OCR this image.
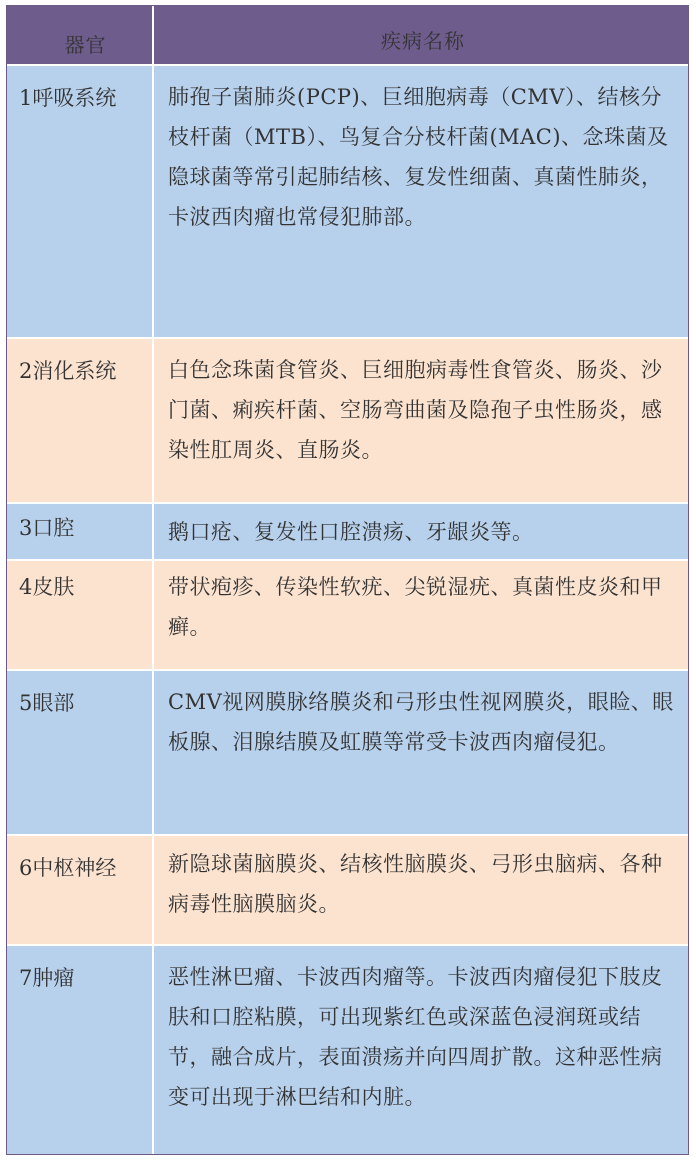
器官	疾病名称
1呼吸系统	肺孢子菌肺炎(PCP)、巨细胞病毒（CMV）、结核分枝杆菌（MTB）、鸟复合分枝杆菌(MAC)、念珠菌及隐球菌等常引起肺结核、复发性细菌、真菌性肺炎，卡波西肉瘤也常侵犯肺部。
2消化系统	白色念珠菌食管炎、巨细胞病毒性食管炎、肠炎、沙门菌、痢疾杆菌、空肠弯曲菌及隐孢子虫性肠炎，感染性肛周炎、直肠炎。
3口腔	鹅口疮、复发性口腔溃疡、牙龈炎等。
4皮肤	带状疱疹、传染性软疣、尖锐湿疣、真菌性皮炎和甲癣。
5眼部	CMV视网膜脉络膜炎和弓形虫性视网膜炎，眼睑、眼板腺、泪腺结膜及虹膜等常受卡波西肉瘤侵犯。
6中枢神经	新隐球菌脑膜炎、结核性脑膜炎、弓形虫脑病、各种病毒性脑膜脑炎。
7肿瘤	恶性淋巴瘤、卡波西肉瘤等。卡波西肉瘤侵犯下肢皮肤和口腔粘膜，可出现紫红色或深蓝色浸润斑或结节，融合成片，表面溃疡并向四周扩散。这种恶性病变可出现于淋巴结和内脏。
